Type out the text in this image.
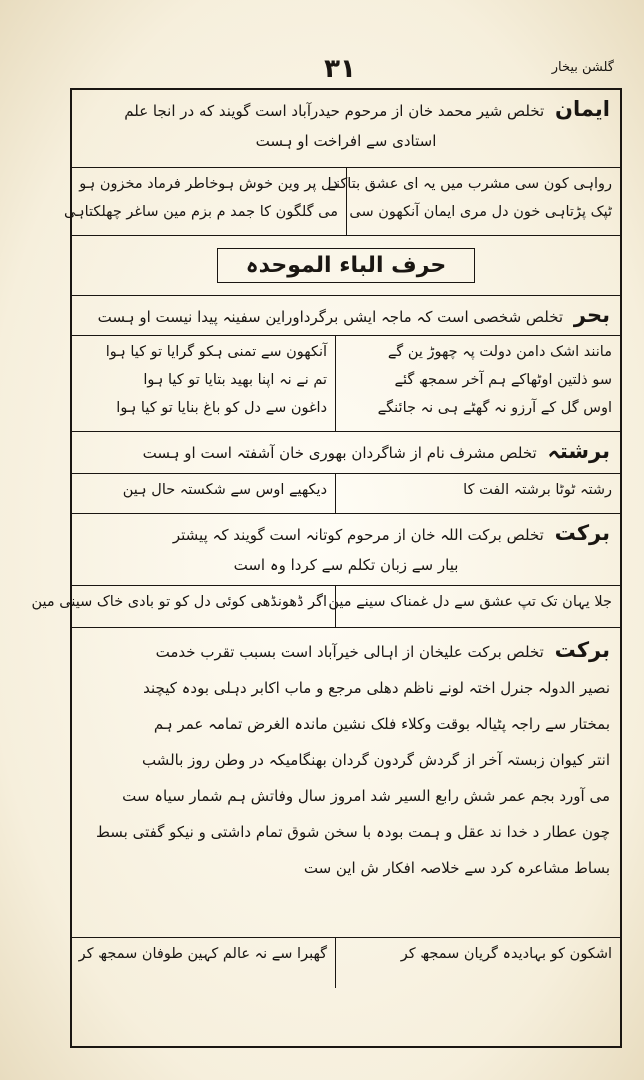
۳۱	گلشن بیخار
ایمان تخلص شیر محمد خان از مرحوم حیدرآباد است گویند که در انجا علم
استادی سے افراخت او ہست
رواہی کون سی مشرب میں یہ ای عشق بتاکنے
ٹپک پڑتاہی خون دل مری ایمان آنکھون سی
دل پر وین خوش ہوخاطر فرماد مخزون ہو
می گلگون کا جمد م بزم مین ساغر چھلکتاہی
حرف الباء الموحدہ
بحر تخلص شخصی است کہ ماجہ ایشں برگرداوراین سفینہ پیدا نیست او ہست
مانند اشک دامن دولت پہ چھوڑ ین گے
سو ذلتین اوٹھاکے ہم آخر سمجھ گئے
اوس گل کے آرزو نہ گھٹے ہی نہ جائنگے
آنکھون سے تمنی ہکو گرایا تو کیا ہوا
تم نے نہ اپنا بھید بتایا تو کیا ہوا
داغون سے دل کو باغ بنایا تو کیا ہوا
برشتہ تخلص مشرف نام از شاگردان بھوری خان آشفتہ است او ہست
رشتہ ٹوٹا برشتہ الفت کا
دیکھیے اوس سے شکستہ حال ہین
برکت تخلص برکت اللہ خان از مرحوم کوتانہ است گویند کہ پیشتر
بیار سے زبان تکلم سے کردا وہ است
جلا یہان تک تپ عشق سے دل غمناک سینے مین
اگر ڈھونڈھی کوئی دل کو تو بادی خاک سینی مین
برکت تخلص برکت علیخان از اہالی خیرآباد است بسبب تقرب خدمت
نصیر الدولہ جنرل اختہ لونے ناظم دھلی مرجع و ماب اکابر دہلی بودہ کیچند
بمختار سے راجہ پٹیالہ بوقت وکلاء فلک نشین ماندہ الغرض تمامہ عمر ہم
انتر کیوان زبستہ آخر از گردش گردون گردان بھنگامیکہ در وطن روز بالشب
می آورد بجم عمر شش رابع السیر شد امروز سال وفاتش ہم شمار سیاہ ست
چون عطار د خدا ند عقل و ہمت بودہ با سخن شوق تمام داشتی و نیکو گفتی بسط
بساط مشاعرہ کرد سے خلاصہ افکار ش این ست
اشکون کو بہادیدہ گریان سمجھ کر
گھبرا سے نہ عالم کہین طوفان سمجھ کر
